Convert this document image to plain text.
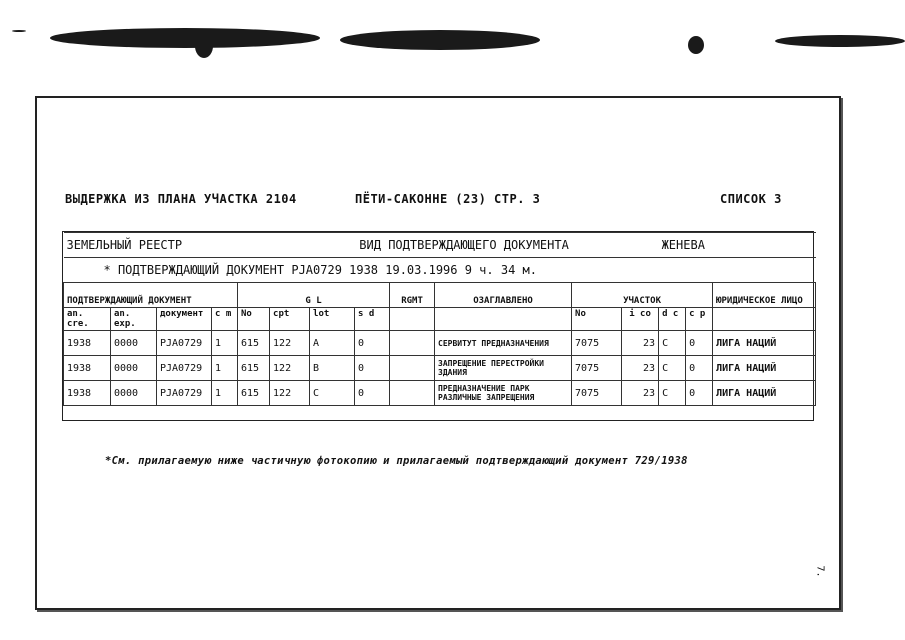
ВЫДЕРЖКА ИЗ ПЛАНА УЧАСТКА 2104	ПЁТИ-САКОННЕ (23) СТР. 3	СПИСОК 3
ЗЕМЕЛЬНЫЙ РЕЕСТР					ВИД ПОДТВЕРЖДАЮЩЕГО ДОКУМЕНТА							ЖЕНЕВА		
* ПОДТВЕРЖДАЮЩИЙ ДОКУМЕНТ PJA0729 1938 19.03.1996 9 ч. 34 м.														
ПОДТВЕРЖДАЮЩИЙ ДОКУМЕНТ				G L				RGMT	ОЗАГЛАВЛЕНО	УЧАСТОК				ЮРИДИЧЕСКОЕ ЛИЦО
an. cre.	an. exp.	документ	c m	No	cpt	lot	s d			No	i co	d c	c p	
1938	0000	PJA0729	1	615	122	A	0		СЕРВИТУТ ПРЕДНАЗНАЧЕНИЯ	7075	23	C	0	ЛИГА НАЦИЙ
1938	0000	PJA0729	1	615	122	B	0		ЗАПРЕЩЕНИЕ ПЕРЕСТРОЙКИ ЗДАНИЯ	7075	23	C	0	ЛИГА НАЦИЙ
1938	0000	PJA0729	1	615	122	C	0		ПРЕДНАЗНАЧЕНИЕ ПАРК РАЗЛИЧНЫЕ ЗАПРЕЩЕНИЯ	7075	23	C	0	ЛИГА НАЦИЙ
*См. прилагаемую ниже частичную фотокопию и прилагаемый подтверждающий документ 729/1938
7.
